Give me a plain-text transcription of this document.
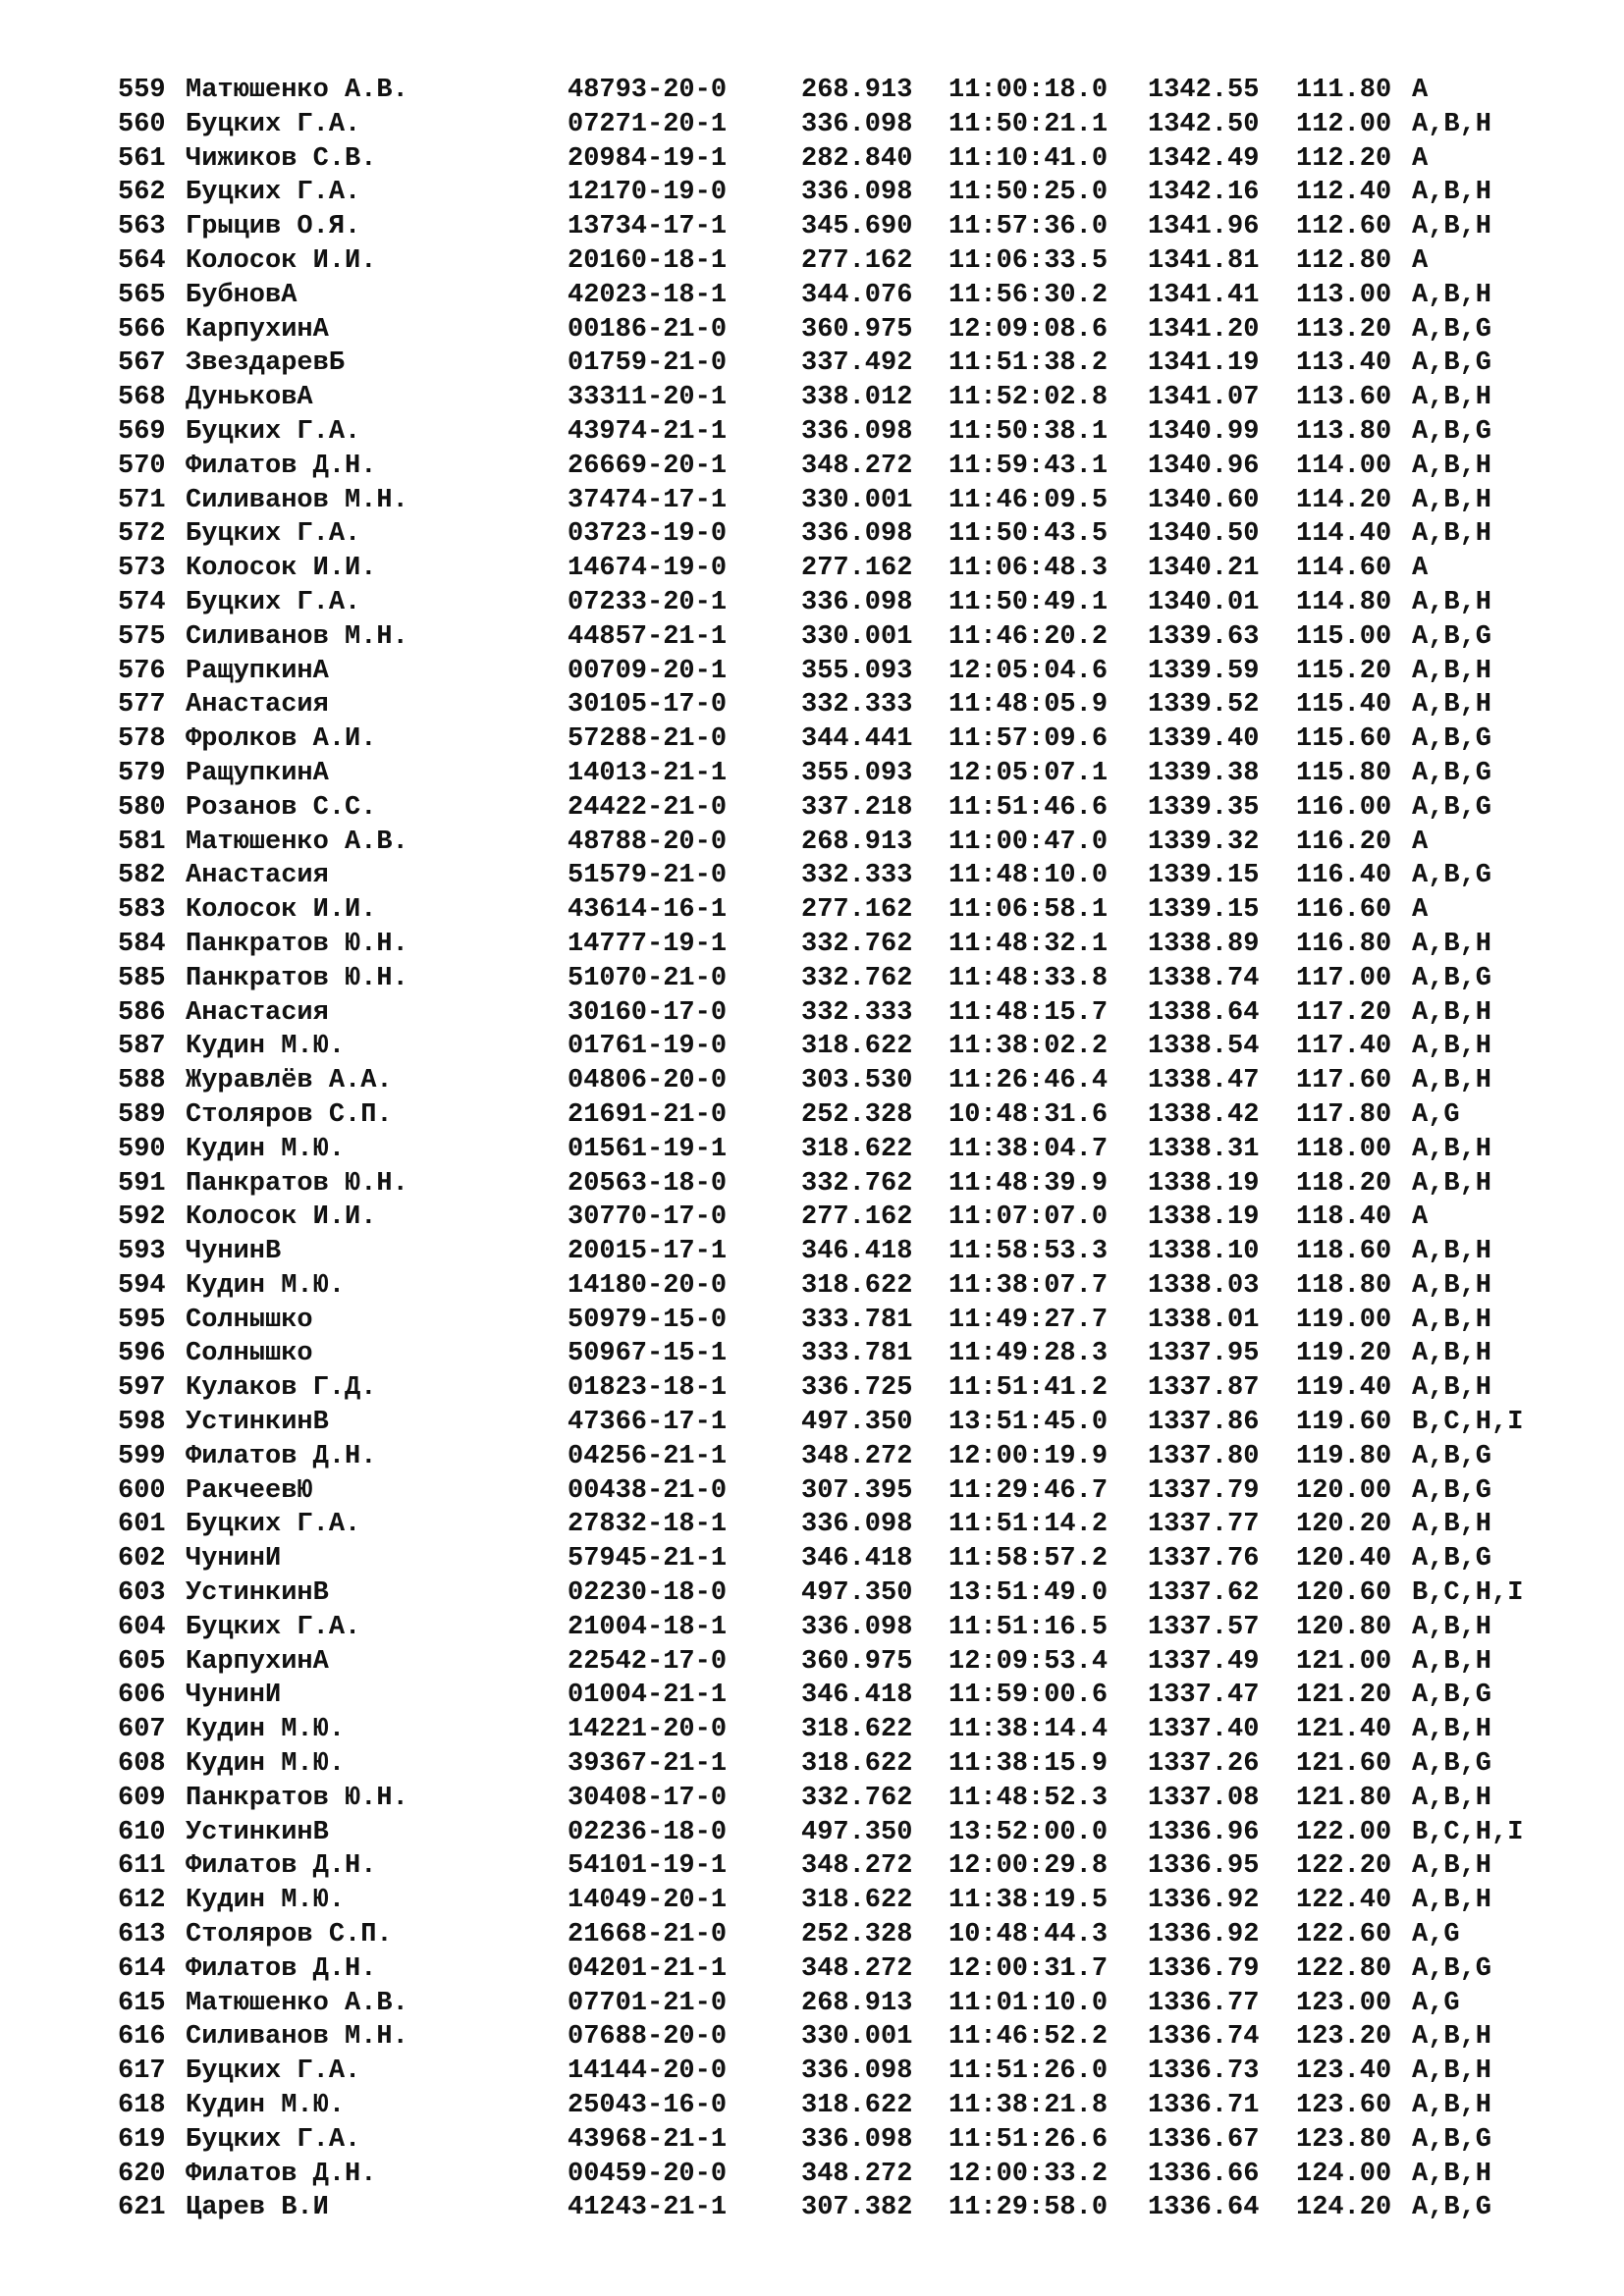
559 Матюшенко А.В.	48793-20-0	268.913 11:00:18.0 1342.55 111.80 A
560 Буцких Г.А.	07271-20-1	336.098 11:50:21.1 1342.50 112.00 A,B,H
561 Чижиков С.В.	20984-19-1	282.840 11:10:41.0 1342.49 112.20 A
562 Буцких Г.А.	12170-19-0	336.098 11:50:25.0 1342.16 112.40 A,B,H
563 Грыцив О.Я.	13734-17-1	345.690 11:57:36.0 1341.96 112.60 A,B,H
564 Колосок И.И.	20160-18-1	277.162 11:06:33.5 1341.81 112.80 A
565 БубновА	42023-18-1	344.076 11:56:30.2 1341.41 113.00 A,B,H
566 КарпухинА	00186-21-0	360.975 12:09:08.6 1341.20 113.20 A,B,G
567 ЗвездаревБ	01759-21-0	337.492 11:51:38.2 1341.19 113.40 A,B,G
568 ДуньковА	33311-20-1	338.012 11:52:02.8 1341.07 113.60 A,B,H
569 Буцких Г.А.	43974-21-1	336.098 11:50:38.1 1340.99 113.80 A,B,G
570 Филатов Д.Н.	26669-20-1	348.272 11:59:43.1 1340.96 114.00 A,B,H
571 Силиванов М.Н.	37474-17-1	330.001 11:46:09.5 1340.60 114.20 A,B,H
572 Буцких Г.А.	03723-19-0	336.098 11:50:43.5 1340.50 114.40 A,B,H
573 Колосок И.И.	14674-19-0	277.162 11:06:48.3 1340.21 114.60 A
574 Буцких Г.А.	07233-20-1	336.098 11:50:49.1 1340.01 114.80 A,B,H
575 Силиванов М.Н.	44857-21-1	330.001 11:46:20.2 1339.63 115.00 A,B,G
576 РащупкинА	00709-20-1	355.093 12:05:04.6 1339.59 115.20 A,B,H
577 Анастасия	30105-17-0	332.333 11:48:05.9 1339.52 115.40 A,B,H
578 Фролков А.И.	57288-21-0	344.441 11:57:09.6 1339.40 115.60 A,B,G
579 РащупкинА	14013-21-1	355.093 12:05:07.1 1339.38 115.80 A,B,G
580 Розанов С.С.	24422-21-0	337.218 11:51:46.6 1339.35 116.00 A,B,G
581 Матюшенко А.В.	48788-20-0	268.913 11:00:47.0 1339.32 116.20 A
582 Анастасия	51579-21-0	332.333 11:48:10.0 1339.15 116.40 A,B,G
583 Колосок И.И.	43614-16-1	277.162 11:06:58.1 1339.15 116.60 A
584 Панкратов Ю.Н.	14777-19-1	332.762 11:48:32.1 1338.89 116.80 A,B,H
585 Панкратов Ю.Н.	51070-21-0	332.762 11:48:33.8 1338.74 117.00 A,B,G
586 Анастасия	30160-17-0	332.333 11:48:15.7 1338.64 117.20 A,B,H
587 Кудин М.Ю.	01761-19-0	318.622 11:38:02.2 1338.54 117.40 A,B,H
588 Журавлёв А.А.	04806-20-0	303.530 11:26:46.4 1338.47 117.60 A,B,H
589 Столяров С.П.	21691-21-0	252.328 10:48:31.6 1338.42 117.80 A,G
590 Кудин М.Ю.	01561-19-1	318.622 11:38:04.7 1338.31 118.00 A,B,H
591 Панкратов Ю.Н.	20563-18-0	332.762 11:48:39.9 1338.19 118.20 A,B,H
592 Колосок И.И.	30770-17-0	277.162 11:07:07.0 1338.19 118.40 A
593 ЧунинВ	20015-17-1	346.418 11:58:53.3 1338.10 118.60 A,B,H
594 Кудин М.Ю.	14180-20-0	318.622 11:38:07.7 1338.03 118.80 A,B,H
595 Солнышко	50979-15-0	333.781 11:49:27.7 1338.01 119.00 A,B,H
596 Солнышко	50967-15-1	333.781 11:49:28.3 1337.95 119.20 A,B,H
597 Кулаков Г.Д.	01823-18-1	336.725 11:51:41.2 1337.87 119.40 A,B,H
598 УстинкинВ	47366-17-1	497.350 13:51:45.0 1337.86 119.60 B,C,H,I
599 Филатов Д.Н.	04256-21-1	348.272 12:00:19.9 1337.80 119.80 A,B,G
600 РакчеевЮ	00438-21-0	307.395 11:29:46.7 1337.79 120.00 A,B,G
601 Буцких Г.А.	27832-18-1	336.098 11:51:14.2 1337.77 120.20 A,B,H
602 ЧунинИ	57945-21-1	346.418 11:58:57.2 1337.76 120.40 A,B,G
603 УстинкинВ	02230-18-0	497.350 13:51:49.0 1337.62 120.60 B,C,H,I
604 Буцких Г.А.	21004-18-1	336.098 11:51:16.5 1337.57 120.80 A,B,H
605 КарпухинА	22542-17-0	360.975 12:09:53.4 1337.49 121.00 A,B,H
606 ЧунинИ	01004-21-1	346.418 11:59:00.6 1337.47 121.20 A,B,G
607 Кудин М.Ю.	14221-20-0	318.622 11:38:14.4 1337.40 121.40 A,B,H
608 Кудин М.Ю.	39367-21-1	318.622 11:38:15.9 1337.26 121.60 A,B,G
609 Панкратов Ю.Н.	30408-17-0	332.762 11:48:52.3 1337.08 121.80 A,B,H
610 УстинкинВ	02236-18-0	497.350 13:52:00.0 1336.96 122.00 B,C,H,I
611 Филатов Д.Н.	54101-19-1	348.272 12:00:29.8 1336.95 122.20 A,B,H
612 Кудин М.Ю.	14049-20-1	318.622 11:38:19.5 1336.92 122.40 A,B,H
613 Столяров С.П.	21668-21-0	252.328 10:48:44.3 1336.92 122.60 A,G
614 Филатов Д.Н.	04201-21-1	348.272 12:00:31.7 1336.79 122.80 A,B,G
615 Матюшенко А.В.	07701-21-0	268.913 11:01:10.0 1336.77 123.00 A,G
616 Силиванов М.Н.	07688-20-0	330.001 11:46:52.2 1336.74 123.20 A,B,H
617 Буцких Г.А.	14144-20-0	336.098 11:51:26.0 1336.73 123.40 A,B,H
618 Кудин М.Ю.	25043-16-0	318.622 11:38:21.8 1336.71 123.60 A,B,H
619 Буцких Г.А.	43968-21-1	336.098 11:51:26.6 1336.67 123.80 A,B,G
620 Филатов Д.Н.	00459-20-0	348.272 12:00:33.2 1336.66 124.00 A,B,H
621 Царев В.И	41243-21-1	307.382 11:29:58.0 1336.64 124.20 A,B,G
